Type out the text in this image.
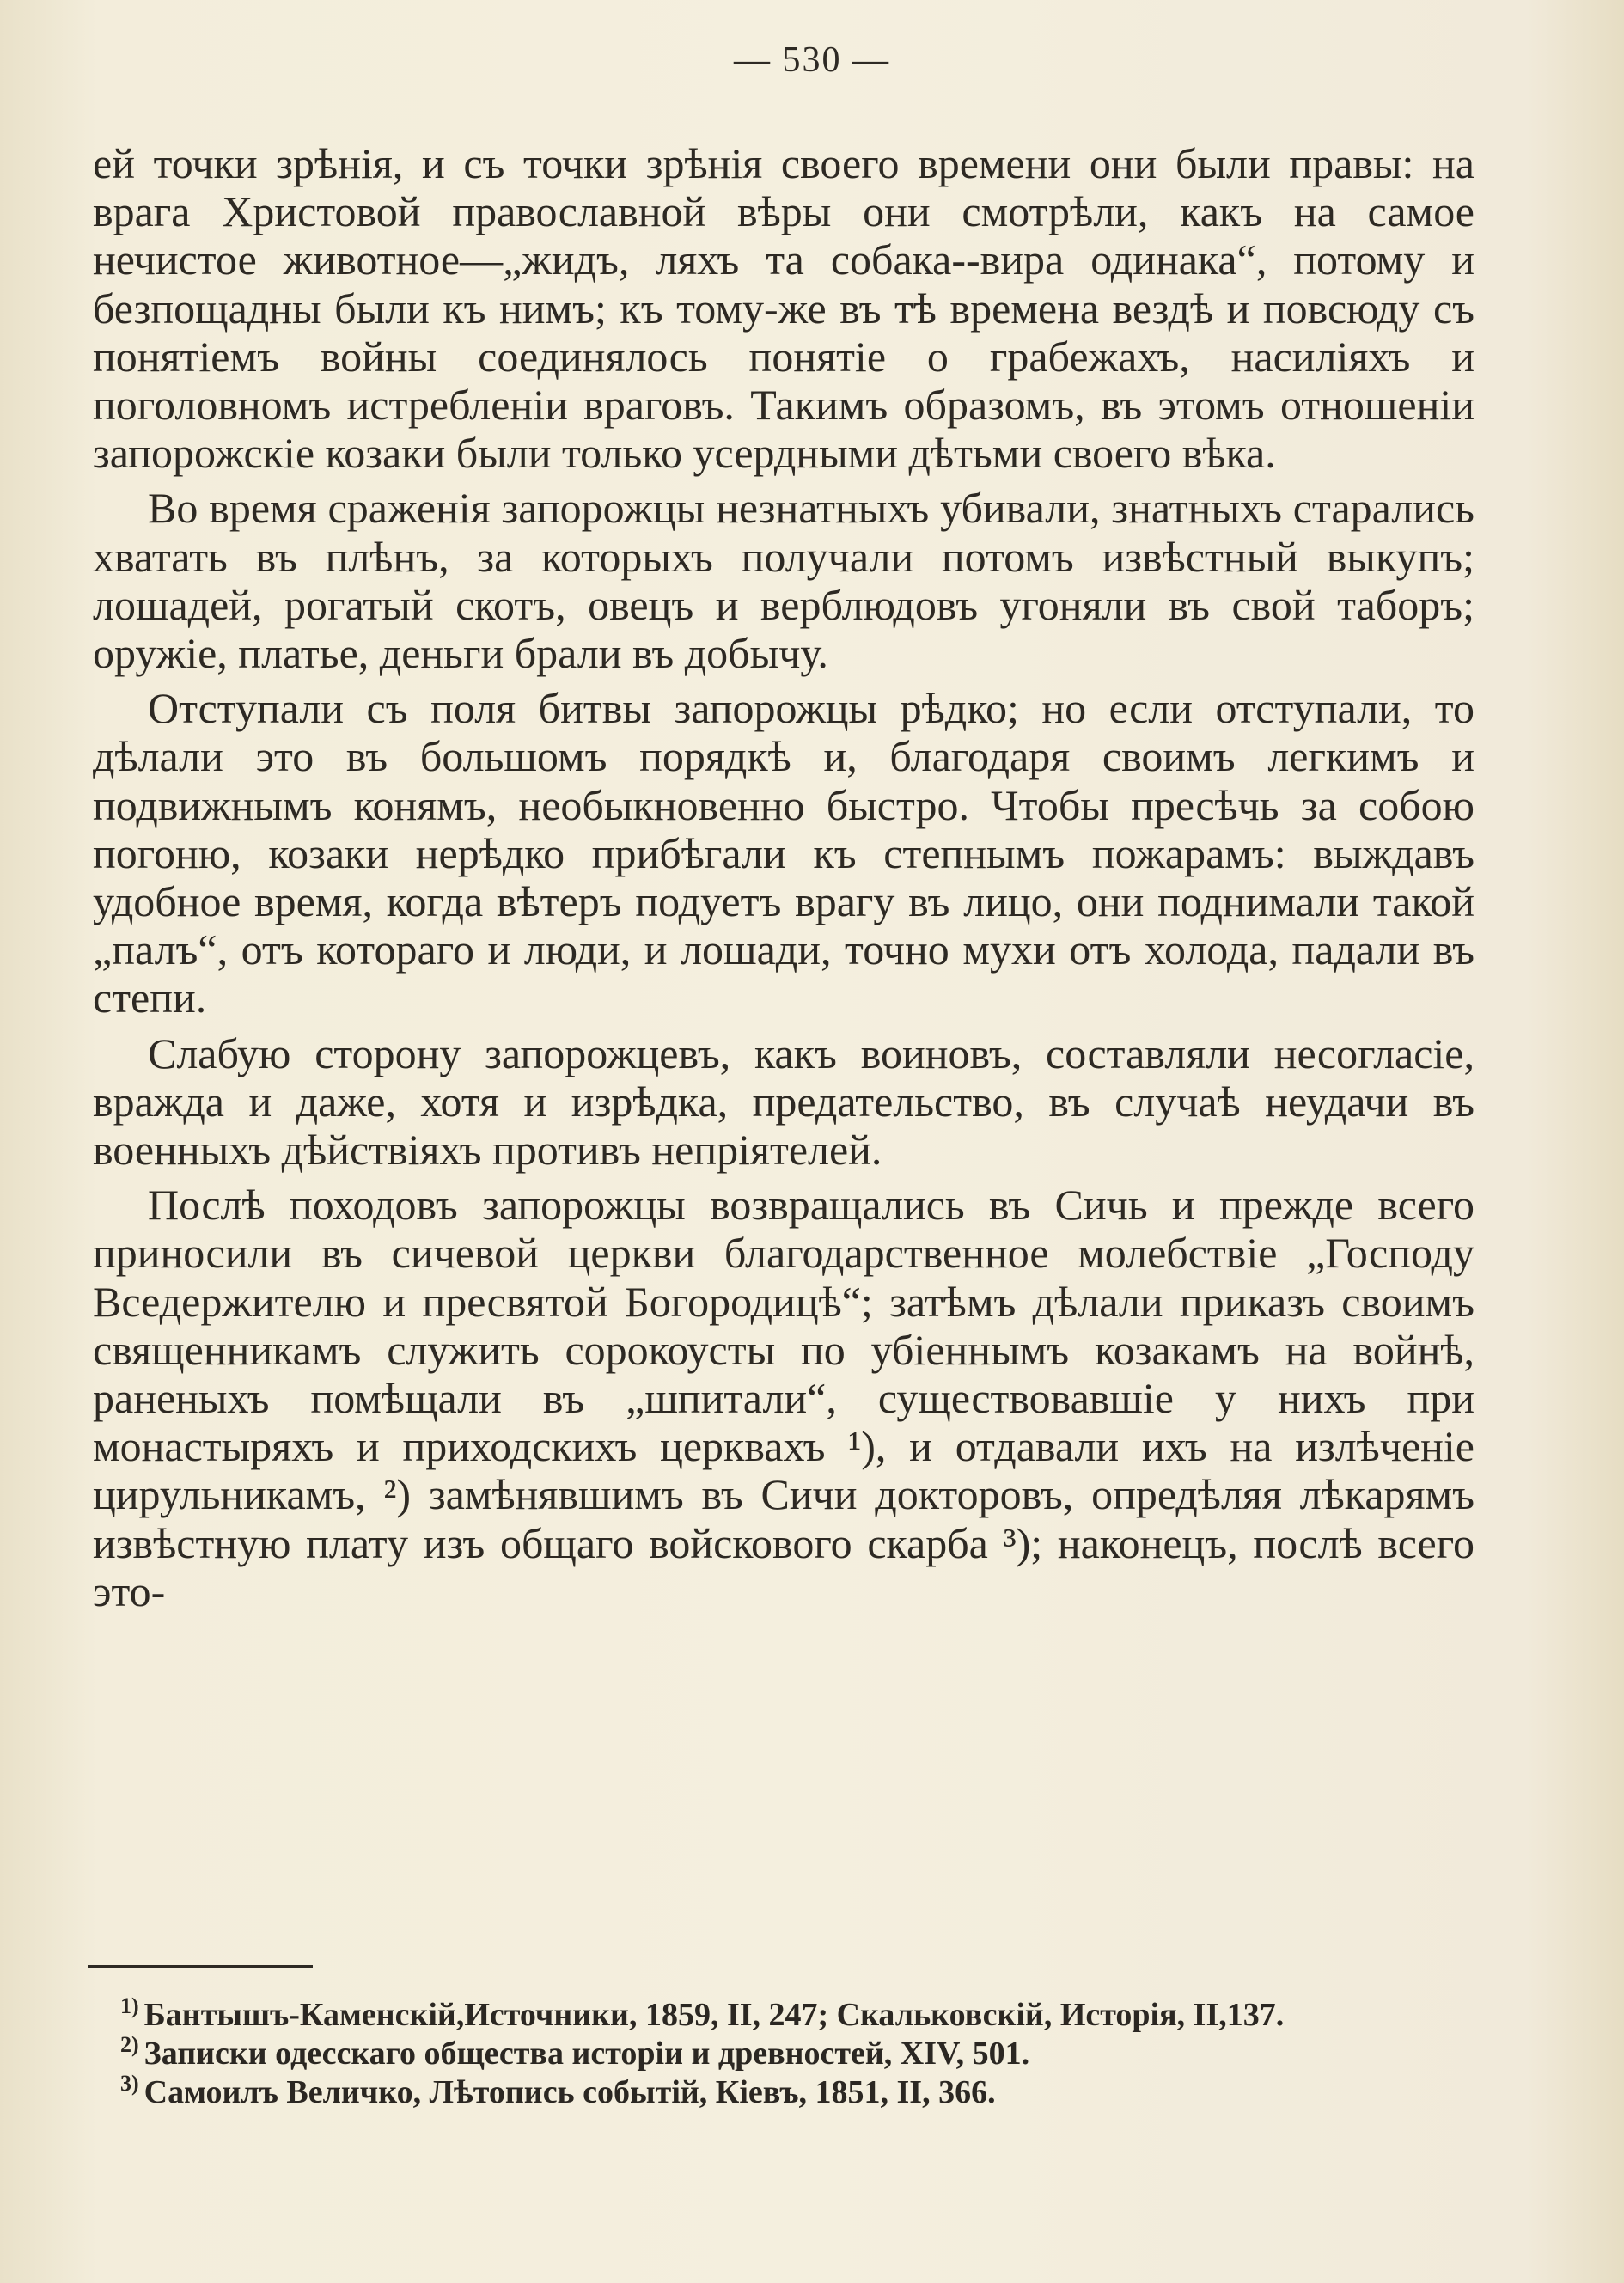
— 530 —

ей точки зрѣнія, и съ точки зрѣнія своего времени они были правы: на врага Христовой православной вѣры они смотрѣли, какъ на самое нечистое животное—„жидъ, ляхъ та собака--вира одинака“, потому и безпощадны были къ нимъ; къ тому-же въ тѣ времена вездѣ и повсюду съ понятіемъ войны соединялось понятіе о грабежахъ, насиліяхъ и поголовномъ истребленіи враговъ. Такимъ образомъ, въ этомъ отношеніи запорожскіе козаки были только усердными дѣтьми своего вѣка.

Во время сраженія запорожцы незнатныхъ убивали, знатныхъ старались хватать въ плѣнъ, за которыхъ получали потомъ извѣстный выкупъ; лошадей, рогатый скотъ, овецъ и верблюдовъ угоняли въ свой таборъ; оружіе, платье, деньги брали въ добычу.

Отступали съ поля битвы запорожцы рѣдко; но если отступали, то дѣлали это въ большомъ порядкѣ и, благодаря своимъ легкимъ и подвижнымъ конямъ, необыкновенно быстро. Чтобы пресѣчь за собою погоню, козаки нерѣдко прибѣгали къ степнымъ пожарамъ: выждавъ удобное время, когда вѣтеръ подуетъ врагу въ лицо, они поднимали такой „палъ“, отъ котораго и люди, и лошади, точно мухи отъ холода, падали въ степи.

Слабую сторону запорожцевъ, какъ воиновъ, составляли несогласіе, вражда и даже, хотя и изрѣдка, предательство, въ случаѣ неудачи въ военныхъ дѣйствіяхъ противъ непріятелей.

Послѣ походовъ запорожцы возвращались въ Сичь и прежде всего приносили въ сичевой церкви благодарственное молебствіе „Господу Вседержителю и пресвятой Богородицѣ“; затѣмъ дѣлали приказъ своимъ священникамъ служить сорокоусты по убіеннымъ козакамъ на войнѣ, раненыхъ помѣщали въ „шпитали“, существовавшіе у нихъ при монастыряхъ и приходскихъ церквахъ ¹), и отдавали ихъ на излѣченіе цирульникамъ, ²) замѣнявшимъ въ Сичи докторовъ, опредѣляя лѣкарямъ извѣстную плату изъ общаго войскового скарба ³); наконецъ, послѣ всего это-

$^{1)}$ Бантышъ-Каменскій,Источники, 1859, II, 247; Скальковскій, Исторія, II,137.
$^{2)}$ Записки одесскаго общества исторіи и древностей, XIV, 501.
$^{3)}$ Самоилъ Величко, Лѣтопись событій, Кіевъ, 1851, II, 366.
